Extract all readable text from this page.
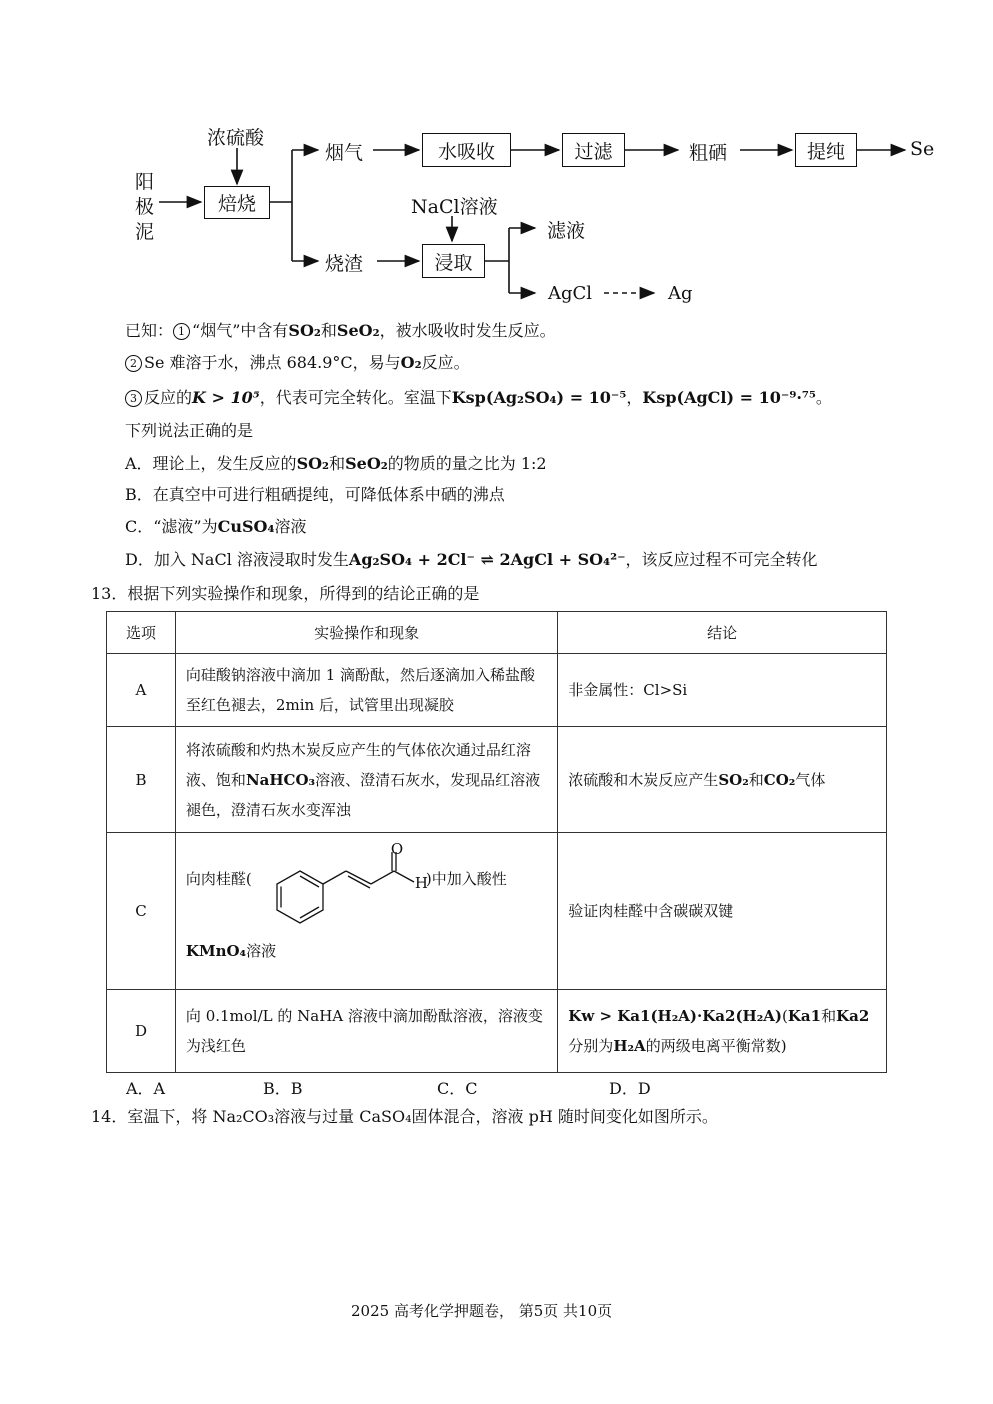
浓硫酸
阳极泥
焙烧
烟气	水吸收	过滤	粗硒	提纯	Se
NaCl溶液
烧渣	浸取
滤液
AgCl	Ag
已知： 1 “烟气”中含有SO₂和SeO₂，被水吸收时发生反应。
2 Se 难溶于水，沸点 684.9°C，易与O₂反应。
3 反应的K > 10⁵，代表可完全转化。室温下Ksp(Ag₂SO₄) = 10⁻⁵，Ksp(AgCl) = 10⁻⁹·⁷⁵。
下列说法正确的是
A．理论上，发生反应的SO₂和SeO₂的物质的量之比为 1:2
B．在真空中可进行粗硒提纯，可降低体系中硒的沸点
C．“滤液”为CuSO₄溶液
D．加入 NaCl 溶液浸取时发生Ag₂SO₄ + 2Cl⁻ ⇌ 2AgCl + SO₄²⁻，该反应过程不可完全转化
13．根据下列实验操作和现象，所得到的结论正确的是
选项	实验操作和现象	结论
A	向硅酸钠溶液中滴加 1 滴酚酞，然后逐滴加入稀盐酸至红色褪去，2min 后，试管里出现凝胶	非金属性：Cl>Si
B	将浓硫酸和灼热木炭反应产生的气体依次通过品红溶液、饱和NaHCO₃溶液、澄清石灰水，发现品红溶液褪色，澄清石灰水变浑浊	浓硫酸和木炭反应产生SO₂和CO₂气体
C	向肉桂醛(
O
H
)中加入酸性
KMnO₄溶液	验证肉桂醛中含碳碳双键
D	向 0.1mol/L 的 NaHA 溶液中滴加酚酞溶液，溶液变为浅红色	Kw > Ka1(H₂A)·Ka2(H₂A)(Ka1和Ka2分别为H₂A的两级电离平衡常数)
A．A	B．B	C．C	D．D
14．室温下，将 Na₂CO₃溶液与过量 CaSO₄固体混合，溶液 pH 随时间变化如图所示。
2025 高考化学押题卷， 第5页 共10页
